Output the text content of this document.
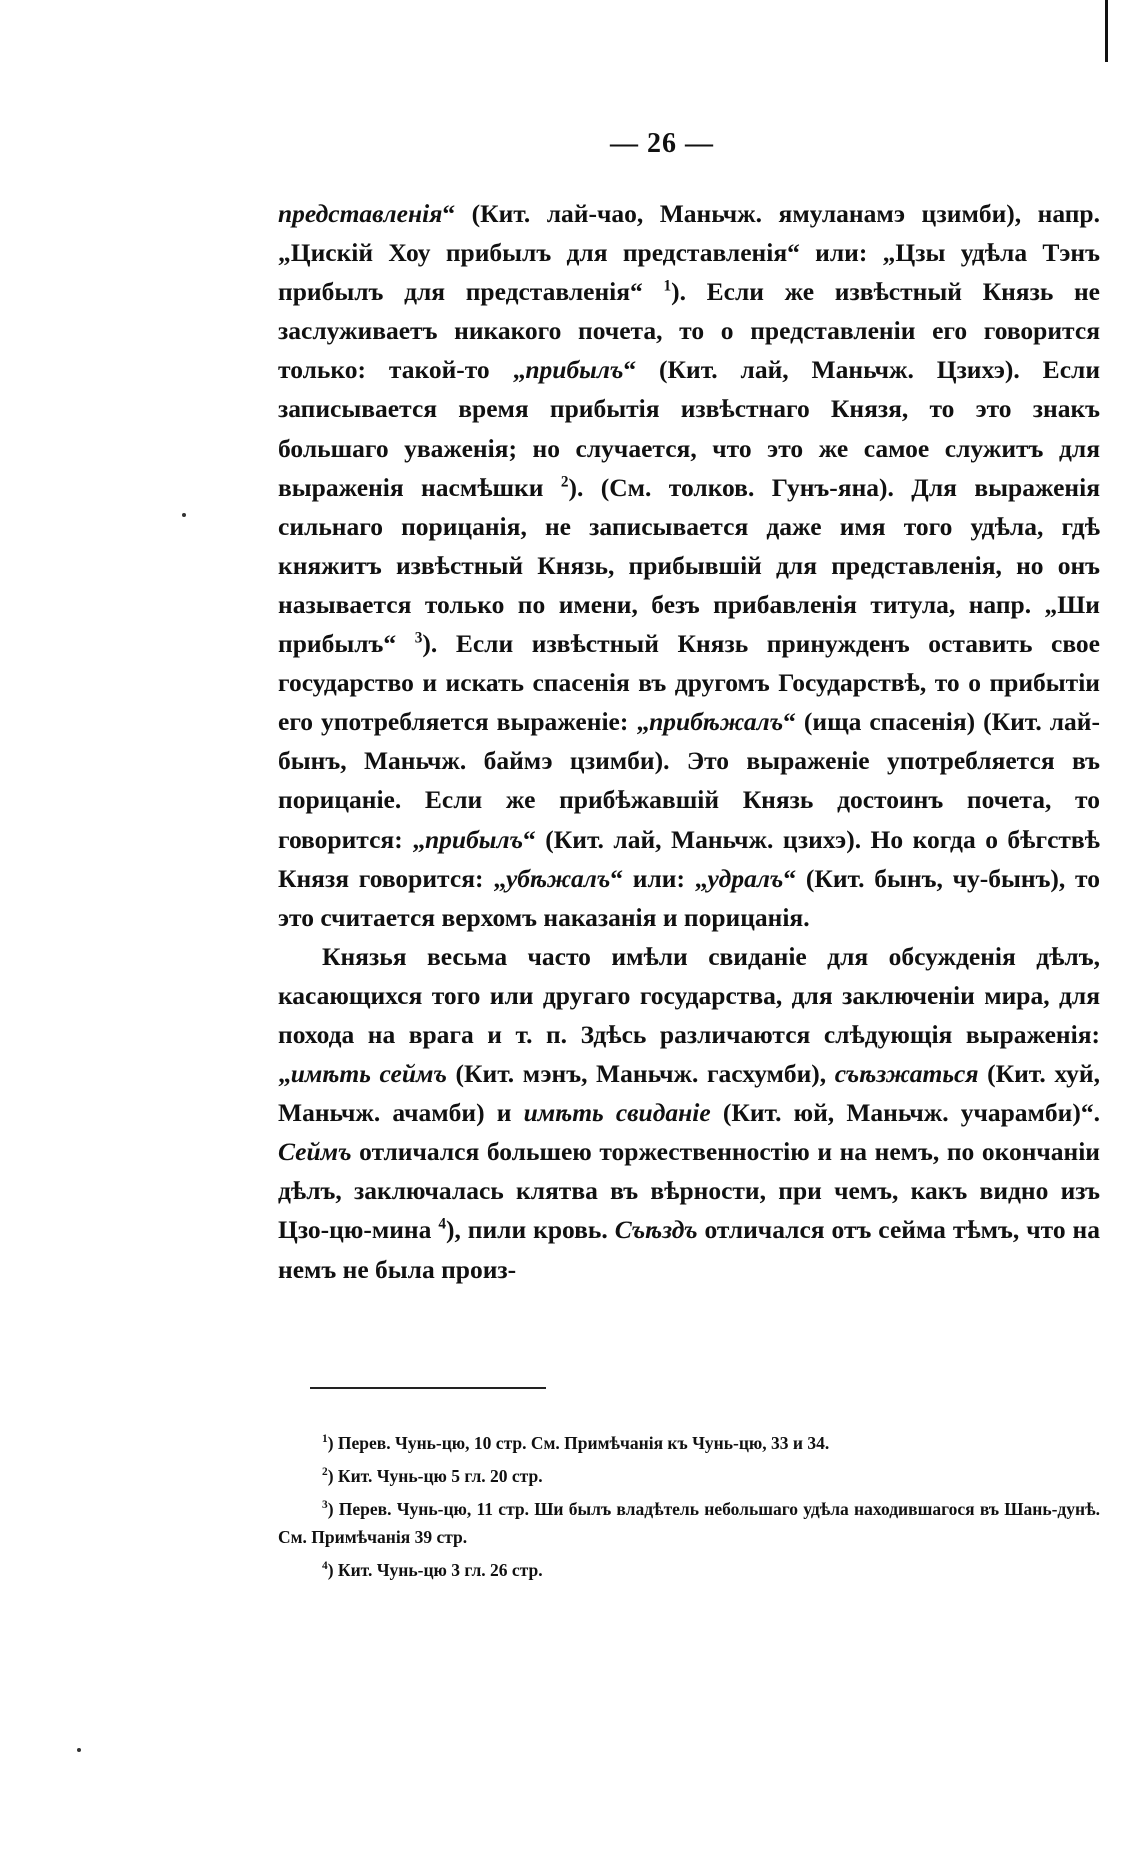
— 26 —

представленія“ (Кит. лай-чао, Маньчж. ямуланамэ цзимби), напр. „Цискій Хоу прибылъ для представленія“ или: „Цзы удѣла Тэнъ прибылъ для представленія“ $^1$). Если же извѣстный Князь не заслуживаетъ никакого почета, то о представленіи его говорится только: такой-то „прибылъ“ (Кит. лай, Маньчж. Цзихэ). Если записывается время прибытія извѣстнаго Князя, то это знакъ большаго уваженія; но случается, что это же самое служитъ для выраженія насмѣшки $^2$). (См. толков. Гунъ-яна). Для выраженія сильнаго порицанія, не записывается даже имя того удѣла, гдѣ княжитъ извѣстный Князь, прибывшій для представленія, но онъ называется только по имени, безъ прибавленія титула, напр. „Ши прибылъ“ $^3$). Если извѣстный Князь принужденъ оставить свое государство и искать спасенія въ другомъ Государствѣ, то о прибытіи его употребляется выраженіе: „прибѣжалъ“ (ища спасенія) (Кит. лай-бынъ, Маньчж. баймэ цзимби). Это выраженіе употребляется въ порицаніе. Если же прибѣжавшій Князь достоинъ почета, то говорится: „прибылъ“ (Кит. лай, Маньчж. цзихэ). Но когда о бѣгствѣ Князя говорится: „убѣжалъ“ или: „удралъ“ (Кит. бынъ, чу-бынъ), то это считается верхомъ наказанія и порицанія.

Князья весьма часто имѣли свиданіе для обсужденія дѣлъ, касающихся того или другаго государства, для заключеніи мира, для похода на врага и т. п. Здѣсь различаются слѣдующія выраженія: „имѣть сеймъ (Кит. мэнъ, Маньчж. гасхумби), съѣзжаться (Кит. хуй, Маньчж. ачамби) и имѣть свиданіе (Кит. юй, Маньчж. учарамби)“. Сеймъ отличался большею торжественностію и на немъ, по окончаніи дѣлъ, заключалась клятва въ вѣрности, при чемъ, какъ видно изъ Цзо-цю-мина $^4$), пили кровь. Съѣздъ отличался отъ сейма тѣмъ, что на немъ не была произ-

$^1$) Перев. Чунь-цю, 10 стр. См. Примѣчанія къ Чунь-цю, 33 и 34.

$^2$) Кит. Чунь-цю 5 гл. 20 стр.

$^3$) Перев. Чунь-цю, 11 стр. Ши былъ владѣтель небольшаго удѣла находившагося въ Шань-дунѣ. См. Примѣчанія 39 стр.

$^4$) Кит. Чунь-цю 3 гл. 26 стр.
